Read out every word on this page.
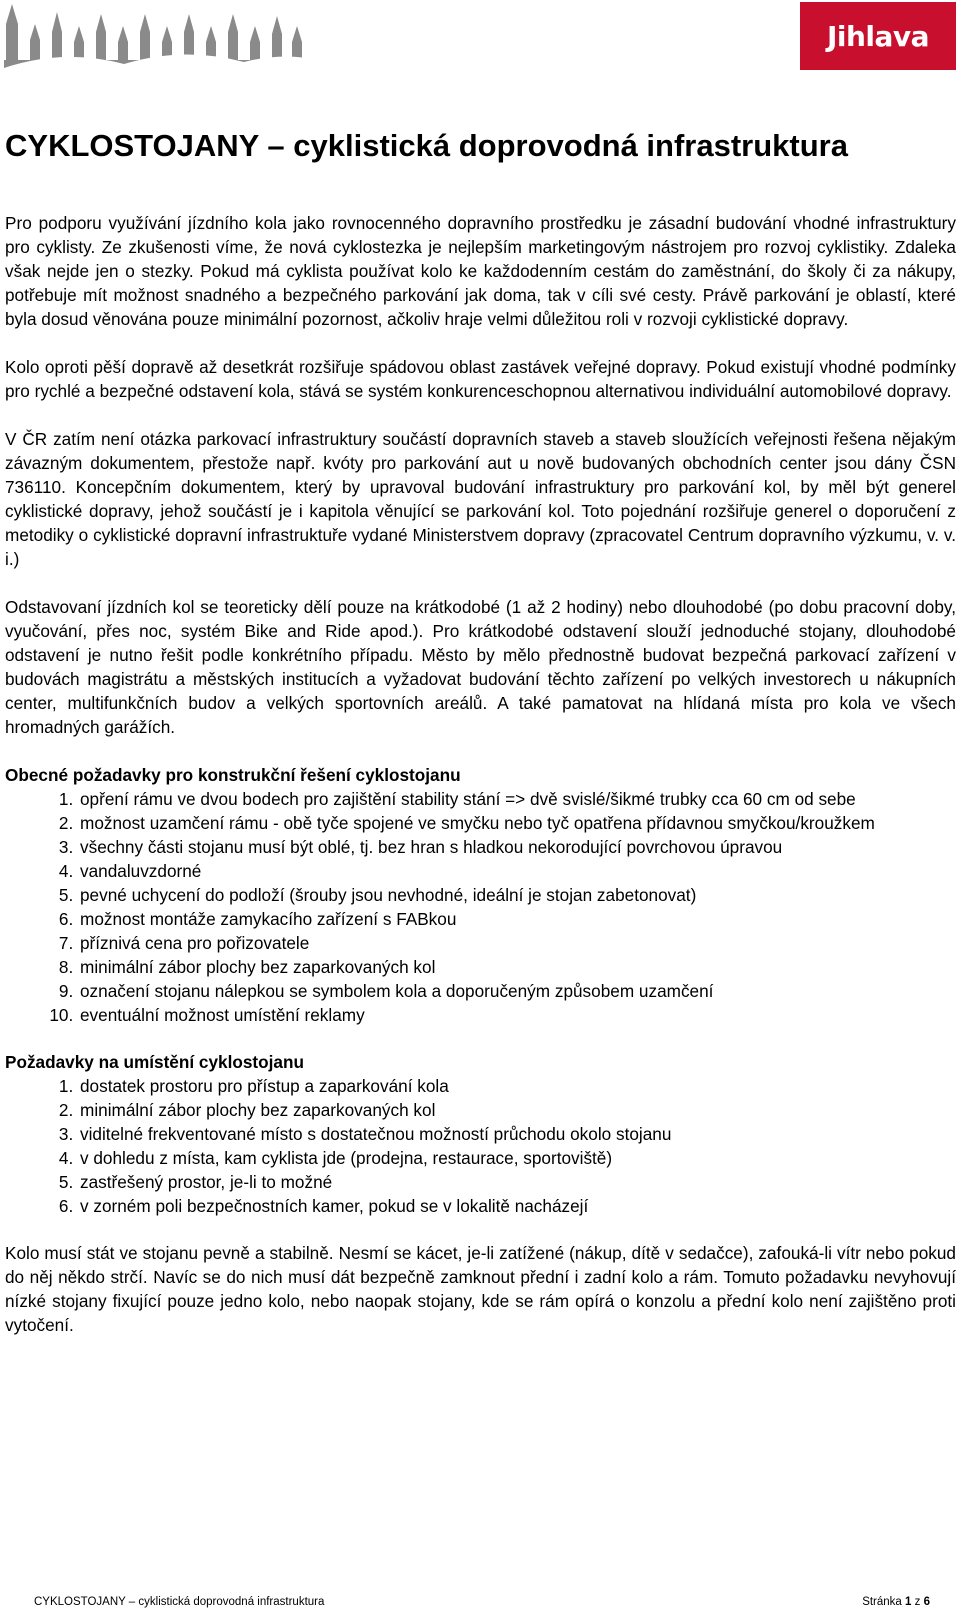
Jihlava
CYKLOSTOJANY – cyklistická doprovodná infrastruktura

Pro podporu využívání jízdního kola jako rovnocenného dopravního prostředku je zásadní budování vhodné infrastruktury pro cyklisty. Ze zkušenosti víme, že nová cyklostezka je nejlepším marketingovým nástrojem pro rozvoj cyklistiky. Zdaleka však nejde jen o stezky. Pokud má cyklista používat kolo ke každodenním cestám do zaměstnání, do školy či za nákupy, potřebuje mít možnost snadného a bezpečného parkování jak doma, tak v cíli své cesty. Právě parkování je oblastí, které byla dosud věnována pouze minimální pozornost, ačkoliv hraje velmi důležitou roli v rozvoji cyklistické dopravy.

Kolo oproti pěší dopravě až desetkrát rozšiřuje spádovou oblast zastávek veřejné dopravy. Pokud existují vhodné podmínky pro rychlé a bezpečné odstavení kola, stává se systém konkurenceschopnou alternativou individuální automobilové dopravy.

V ČR zatím není otázka parkovací infrastruktury součástí dopravních staveb a staveb sloužících veřejnosti řešena nějakým závazným dokumentem, přestože např. kvóty pro parkování aut u nově budovaných obchodních center jsou dány ČSN 736110. Koncepčním dokumentem, který by upravoval budování infrastruktury pro parkování kol, by měl být generel cyklistické dopravy, jehož součástí je i kapitola věnující se parkování kol. Toto pojednání rozšiřuje generel o doporučení z metodiky o cyklistické dopravní infrastruktuře vydané Ministerstvem dopravy (zpracovatel Centrum dopravního výzkumu, v. v. i.)

Odstavovaní jízdních kol se teoreticky dělí pouze na krátkodobé (1 až 2 hodiny) nebo dlouhodobé (po dobu pracovní doby, vyučování, přes noc, systém Bike and Ride apod.). Pro krátkodobé odstavení slouží jednoduché stojany, dlouhodobé odstavení je nutno řešit podle konkrétního případu. Město by mělo přednostně budovat bezpečná parkovací zařízení v budovách magistrátu a městských institucích a vyžadovat budování těchto zařízení po velkých investorech u nákupních center, multifunkčních budov a velkých sportovních areálů. A také pamatovat na hlídaná místa pro kola ve všech hromadných garážích.

Obecné požadavky pro konstrukční řešení cyklostojanu
1. opření rámu ve dvou bodech pro zajištění stability stání => dvě svislé/šikmé trubky cca 60 cm od sebe
2. možnost uzamčení rámu - obě tyče spojené ve smyčku nebo tyč opatřena přídavnou smyčkou/kroužkem
3. všechny části stojanu musí být oblé, tj. bez hran s hladkou nekorodující povrchovou úpravou
4. vandaluvzdorné
5. pevné uchycení do podloží (šrouby jsou nevhodné, ideální je stojan zabetonovat)
6. možnost montáže zamykacího zařízení s FABkou
7. příznivá cena pro pořizovatele
8. minimální zábor plochy bez zaparkovaných kol
9. označení stojanu nálepkou se symbolem kola a doporučeným způsobem uzamčení
10. eventuální možnost umístění reklamy
Požadavky na umístění cyklostojanu
1. dostatek prostoru pro přístup a zaparkování kola
2. minimální zábor plochy bez zaparkovaných kol
3. viditelné frekventované místo s dostatečnou možností průchodu okolo stojanu
4. v dohledu z místa, kam cyklista jde (prodejna, restaurace, sportoviště)
5. zastřešený prostor, je-li to možné
6. v zorném poli bezpečnostních kamer, pokud se v lokalitě nacházejí

Kolo musí stát ve stojanu pevně a stabilně. Nesmí se kácet, je-li zatížené (nákup, dítě v sedačce), zafouká-li vítr nebo pokud do něj někdo strčí. Navíc se do nich musí dát bezpečně zamknout přední i zadní kolo a rám. Tomuto požadavku nevyhovují nízké stojany fixující pouze jedno kolo, nebo naopak stojany, kde se rám opírá o konzolu a přední kolo není zajištěno proti vytočení.

CYKLOSTOJANY – cyklistická doprovodná infrastruktura	Stránka 1 z 6
